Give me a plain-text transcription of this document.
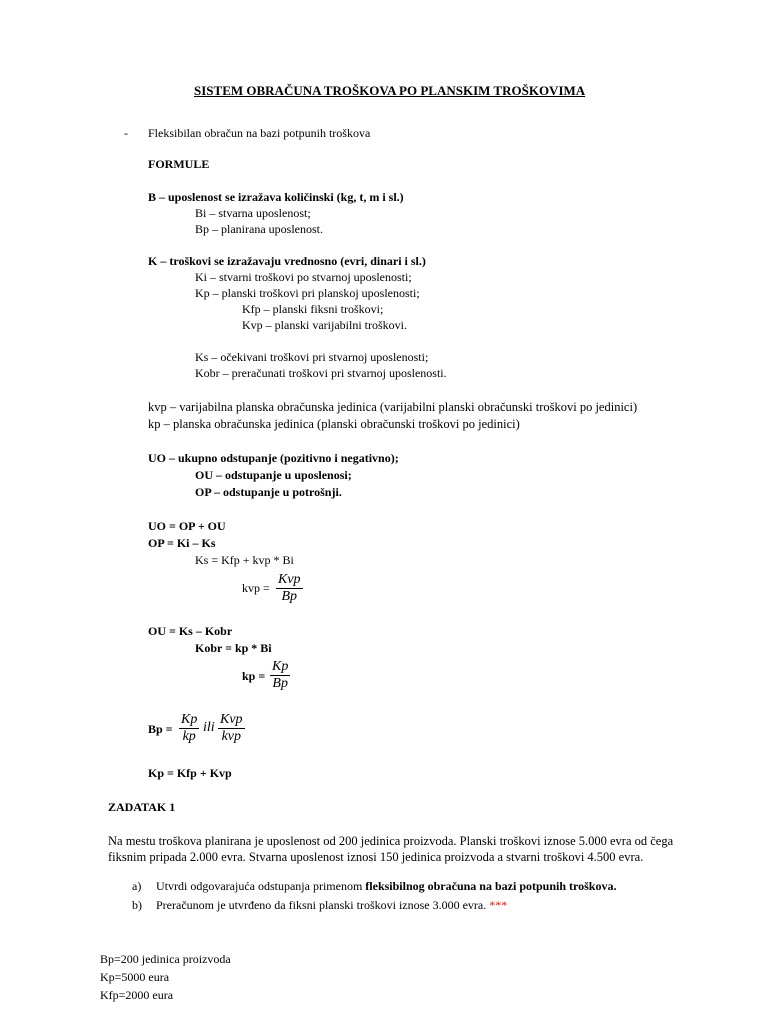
SISTEM OBRAČUNA TROŠKOVA PO PLANSKIM TROŠKOVIMA
- Fleksibilan obračun na bazi potpunih troškova
FORMULE
B – uposlenost se izražava količinski (kg, t, m i sl.)
Bi – stvarna uposlenost;
Bp – planirana uposlenost.
K – troškovi se izražavaju vrednosno (evri, dinari i sl.)
Ki – stvarni troškovi po stvarnoj uposlenosti;
Kp – planski troškovi pri planskoj uposlenosti;
Kfp – planski fiksni troškovi;
Kvp – planski varijabilni troškovi.
Ks – očekivani troškovi pri stvarnoj uposlenosti;
Kobr – preračunati troškovi pri stvarnoj uposlenosti.
kvp – varijabilna planska obračunska jedinica (varijabilni planski obračunski troškovi po jedinici)
kp – planska obračunska jedinica (planski obračunski troškovi po jedinici)
UO – ukupno odstupanje (pozitivno i negativno);
OU – odstupanje u uposlenosi;
OP – odstupanje u potrošnji.
UO = OP + OU
OP = Ki – Ks
Ks = Kfp + kvp * Bi
kvp =
Kvp
Bp
OU = Ks – Kobr
Kobr = kp * Bi
kp = $\frac{Kp}{Bp}$
$Bp = \frac{Kp}{kp}$ ili
Kvp
kvp
Kp = Kfp + Kvp
ZADATAK 1
Na mestu troškova planirana je uposlenost od 200 jedinica proizvoda. Planski troškovi iznose 5.000 evra od čega
fiksnim pripada 2.000 evra. Stvarna uposlenost iznosi 150 jedinica proizvoda a stvarni troškovi 4.500 evra.
a) Utvrdi odgovarajuća odstupanja primenom fleksibilnog obračuna na bazi potpunih troškova.
b) Preračunom je utvrđeno da fiksni planski troškovi iznose 3.000 evra. ***
Bp=200 jedinica proizvoda
Kp=5000 eura
Kfp=2000 eura
